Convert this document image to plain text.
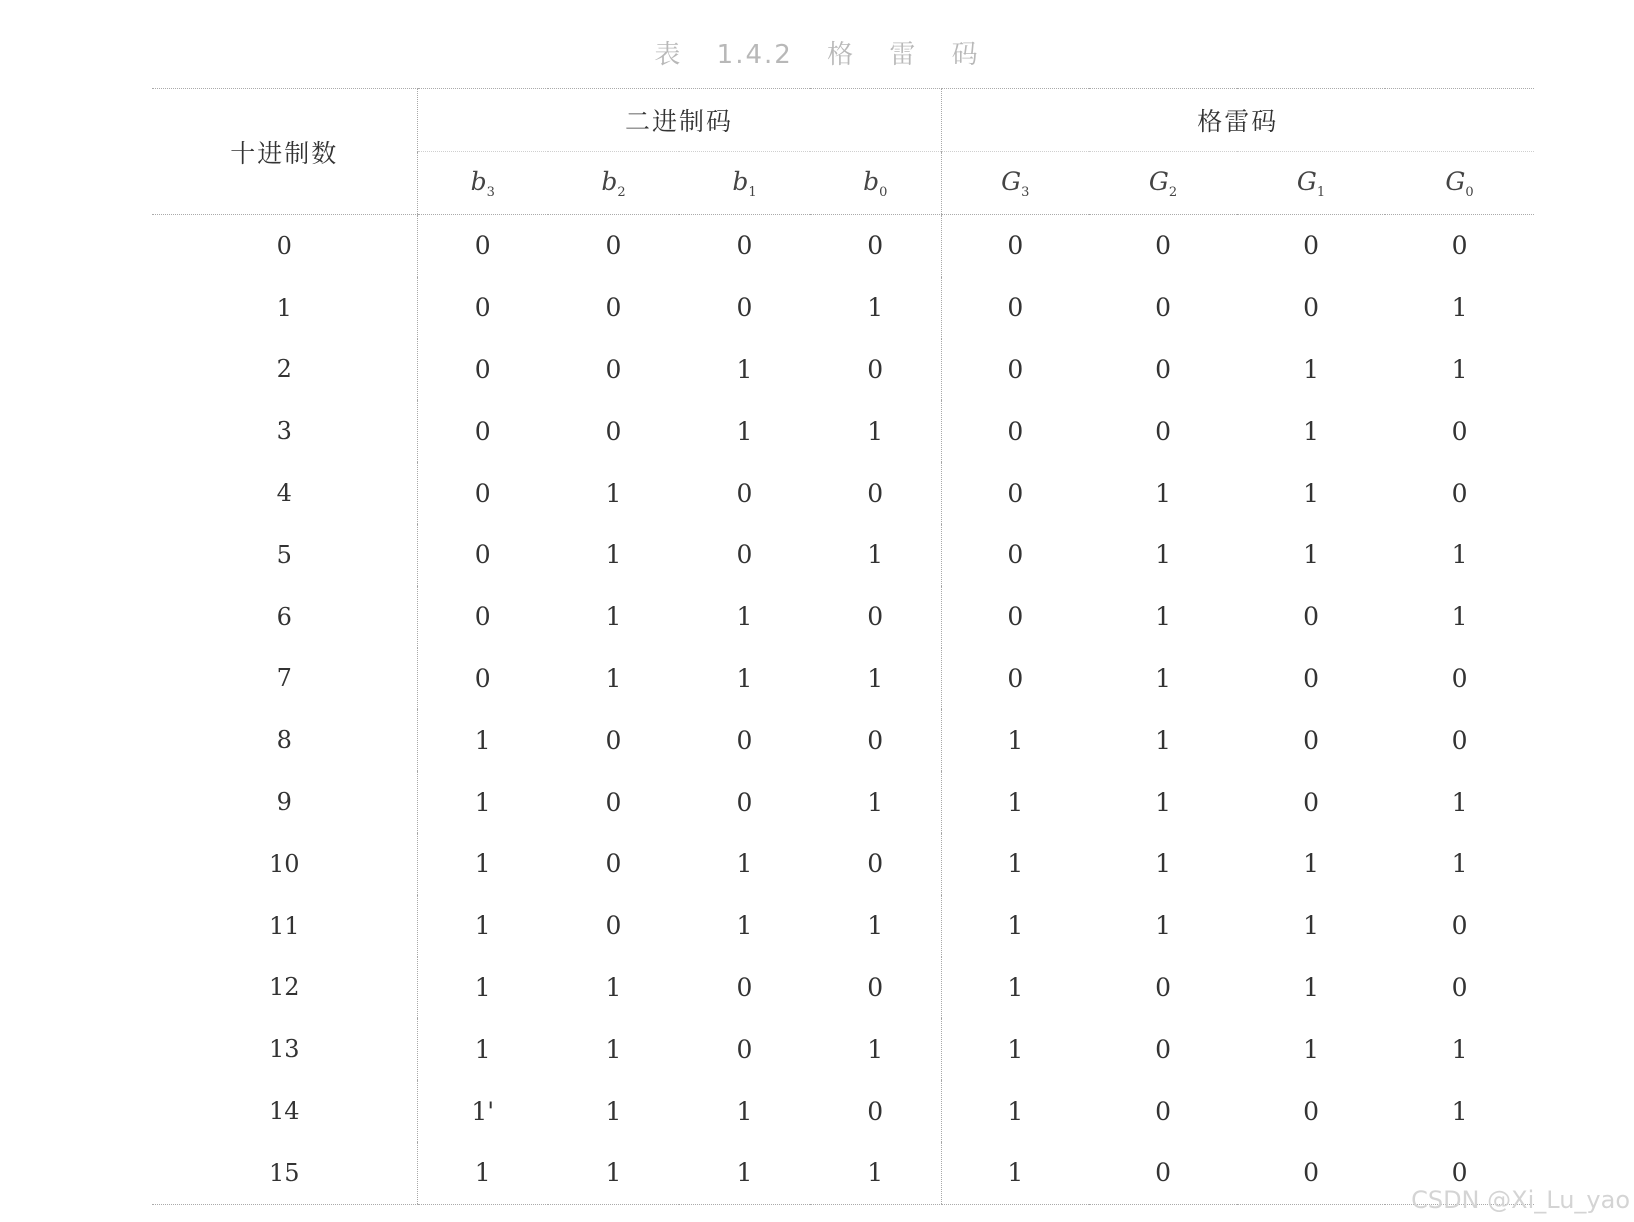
表 1.4.2 格 雷 码
十进制数	二进制码				格雷码			
	$b_3$	$b_2$	$b_1$	$b_0$	$G_3$	$G_2$	$G_1$	$G_0$
0	0	0	0	0	0	0	0	0
1	0	0	0	1	0	0	0	1
2	0	0	1	0	0	0	1	1
3	0	0	1	1	0	0	1	0
4	0	1	0	0	0	1	1	0
5	0	1	0	1	0	1	1	1
6	0	1	1	0	0	1	0	1
7	0	1	1	1	0	1	0	0
8	1	0	0	0	1	1	0	0
9	1	0	0	1	1	1	0	1
10	1	0	1	0	1	1	1	1
11	1	0	1	1	1	1	1	0
12	1	1	0	0	1	0	1	0
13	1	1	0	1	1	0	1	1
14	1'	1	1	0	1	0	0	1
15	1	1	1	1	1	0	0	0
CSDN @Xi_Lu_yao
